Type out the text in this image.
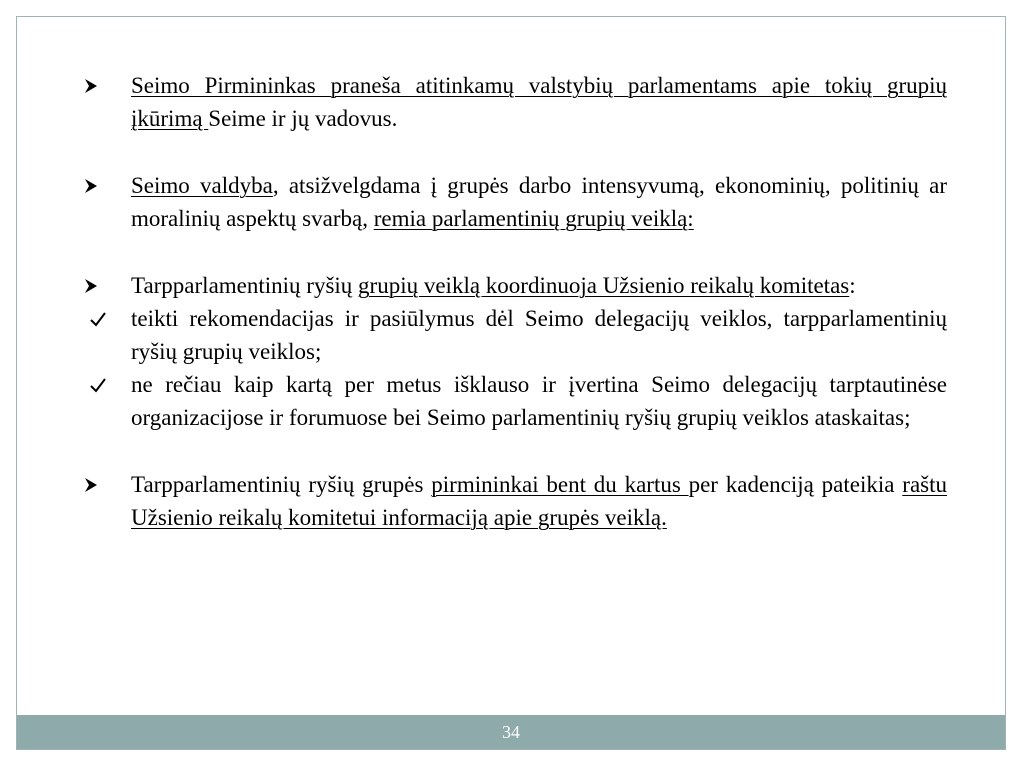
Seimo Pirmininkas praneša atitinkamų valstybių parlamentams apie tokių grupių įkūrimą Seime ir jų vadovus.
Seimo valdyba, atsižvelgdama į grupės darbo intensyvumą, ekonominių, politinių ar moralinių aspektų svarbą, remia parlamentinių grupių veiklą:
Tarpparlamentinių ryšių grupių veiklą koordinuoja Užsienio reikalų komitetas:
teikti rekomendacijas ir pasiūlymus dėl Seimo delegacijų veiklos, tarpparlamentinių ryšių grupių veiklos;
ne rečiau kaip kartą per metus išklauso ir įvertina Seimo delegacijų tarptautinėse organizacijose ir forumuose bei Seimo parlamentinių ryšių grupių veiklos ataskaitas;
Tarpparlamentinių ryšių grupės pirmininkai bent du kartus per kadenciją pateikia raštu Užsienio reikalų komitetui informaciją apie grupės veiklą.
34
